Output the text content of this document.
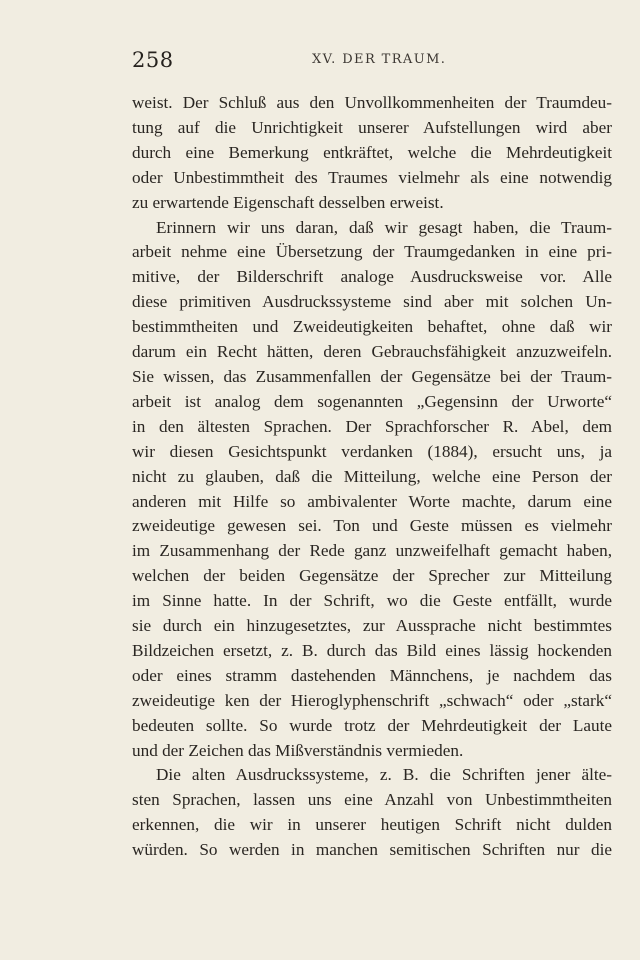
258	XV. DER TRAUM.
weist. Der Schluß aus den Unvollkommenheiten der Traumdeu-
tung auf die Unrichtigkeit unserer Aufstellungen wird aber
durch eine Bemerkung entkräftet, welche die Mehrdeutigkeit
oder Unbestimmtheit des Traumes vielmehr als eine notwendig
zu erwartende Eigenschaft desselben erweist.
Erinnern wir uns daran, daß wir gesagt haben, die Traum-
arbeit nehme eine Übersetzung der Traumgedanken in eine pri-
mitive, der Bilderschrift analoge Ausdrucksweise vor. Alle
diese primitiven Ausdruckssysteme sind aber mit solchen Un-
bestimmtheiten und Zweideutigkeiten behaftet, ohne daß wir
darum ein Recht hätten, deren Gebrauchsfähigkeit anzuzweifeln.
Sie wissen, das Zusammenfallen der Gegensätze bei der Traum-
arbeit ist analog dem sogenannten „Gegensinn der Urworte“
in den ältesten Sprachen. Der Sprachforscher R. Abel, dem
wir diesen Gesichtspunkt verdanken (1884), ersucht uns, ja
nicht zu glauben, daß die Mitteilung, welche eine Person der
anderen mit Hilfe so ambivalenter Worte machte, darum eine
zweideutige gewesen sei. Ton und Geste müssen es vielmehr
im Zusammenhang der Rede ganz unzweifelhaft gemacht haben,
welchen der beiden Gegensätze der Sprecher zur Mitteilung
im Sinne hatte. In der Schrift, wo die Geste entfällt, wurde
sie durch ein hinzugesetztes, zur Aussprache nicht bestimmtes
Bildzeichen ersetzt, z. B. durch das Bild eines lässig hockenden
oder eines stramm dastehenden Männchens, je nachdem das
zweideutige ken der Hieroglyphenschrift „schwach“ oder „stark“
bedeuten sollte. So wurde trotz der Mehrdeutigkeit der Laute
und der Zeichen das Mißverständnis vermieden.
Die alten Ausdruckssysteme, z. B. die Schriften jener älte-
sten Sprachen, lassen uns eine Anzahl von Unbestimmtheiten
erkennen, die wir in unserer heutigen Schrift nicht dulden
würden. So werden in manchen semitischen Schriften nur die
